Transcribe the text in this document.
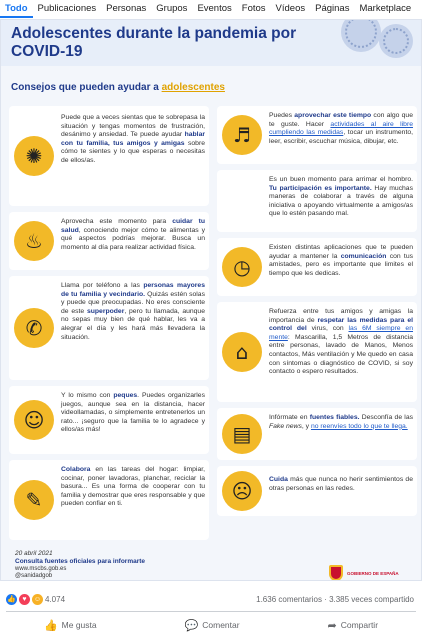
Todo	Publicaciones	Personas	Grupos	Eventos	Fotos	Vídeos	Páginas	Marketplace
Adolescentes durante la pandemia por COVID-19
Consejos que pueden ayudar a adolescentes
✺
Puede que a veces sientas que te sobrepasa la situación y tengas momentos de frustración, desánimo y ansiedad. Te puede ayudar hablar con tu familia, tus amigos y amigas sobre cómo te sientes y lo que esperas o necesitas de ellos/as.
♨
Aprovecha este momento para cuidar tu salud, conociendo mejor cómo te alimentas y qué aspectos podrías mejorar. Busca un momento al día para realizar actividad física.
✆
Llama por teléfono a las personas mayores de tu familia y vecindario. Quizás estén solas y puede que preocupadas. No eres consciente de este superpoder, pero tu llamada, aunque no sepas muy bien de qué hablar, les va a alegrar el día y les hará más llevadera la situación.
☺
Y lo mismo con peques. Puedes organizarles juegos, aunque sea en la distancia, hacer videollamadas, o simplemente entretenerlos un rato... ¡seguro que la familia te lo agradece y ellos/as más!
✎
Colabora en las tareas del hogar: limpiar, cocinar, poner lavadoras, planchar, reciclar la basura... Es una forma de cooperar con tu familia y demostrar que eres responsable y que pueden confiar en ti.
♬
Puedes aprovechar este tiempo con algo que te guste. Hacer actividades al aire libre cumpliendo las medidas, tocar un instrumento, leer, escribir, escuchar música, dibujar, etc.
Es un buen momento para arrimar el hombro. Tu participación es importante. Hay muchas maneras de colaborar a través de alguna iniciativa o apoyando virtualmente a amigos/as que lo estén pasando mal.
◷
Existen distintas aplicaciones que te pueden ayudar a mantener la comunicación con tus amistades, pero es importante que limites el tiempo que les dedicas.
⌂
Refuerza entre tus amigos y amigas la importancia de respetar las medidas para el control del virus, con las 6M siempre en mente: Mascarilla, 1,5 Metros de distancia entre personas, lavado de Manos, Menos contactos, Más ventilación y Me quedo en casa con síntomas o diagnóstico de COVID, si soy contacto o espero resultados.
▤
Infórmate en fuentes fiables. Desconfía de las Fake news, y no reenvíes todo lo que te llega.
☹	Cuida más que nunca no herir sentimientos de otras personas en las redes.
20 abril 2021
Consulta fuentes oficiales para informarte
www.mscbs.gob.es
@sanidadgob	GOBIERNO DE ESPAÑA
👍 ♥	☺ 4.074	1.636 comentarios · 3.385 veces compartido
👍 Me gusta	💬 Comentar	➦ Compartir
